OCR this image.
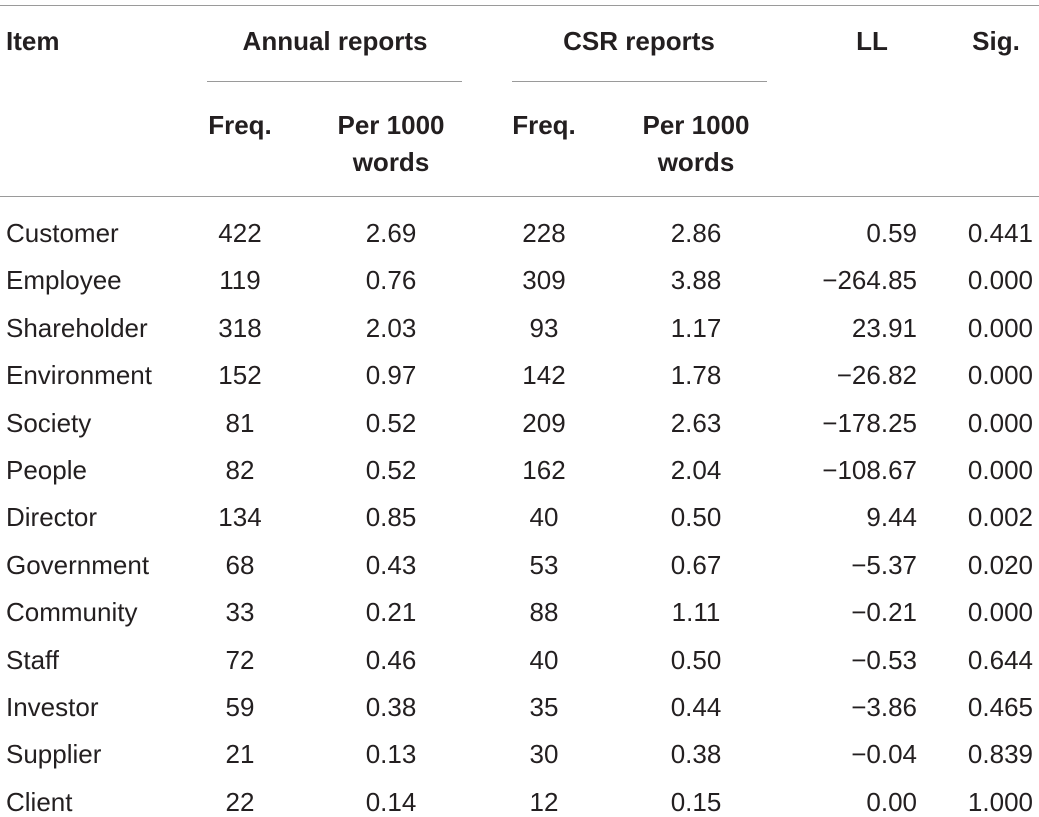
Item	Annual reports	CSR reports	LL	Sig.
Freq.	Per 1000
words
Freq.	Per 1000
words
Customer	422	2.69	228	2.86	0.59 0.441
Employee	119	0.76	309	3.88	−264.85 0.000
Shareholder	318	2.03	93	1.17	23.91 0.000
Environment	152	0.97	142	1.78	−26.82 0.000
Society	81	0.52	209	2.63	−178.25 0.000
People	82	0.52	162	2.04	−108.67 0.000
Director	134	0.85	40	0.50	9.44 0.002
Government	68	0.43	53	0.67	−5.37 0.020
Community	33	0.21	88	1.11	−0.21 0.000
Staff	72	0.46	40	0.50	−0.53 0.644
Investor	59	0.38	35	0.44	−3.86 0.465
Supplier	21	0.13	30	0.38	−0.04 0.839
Client	22	0.14	12	0.15	0.00 1.000
